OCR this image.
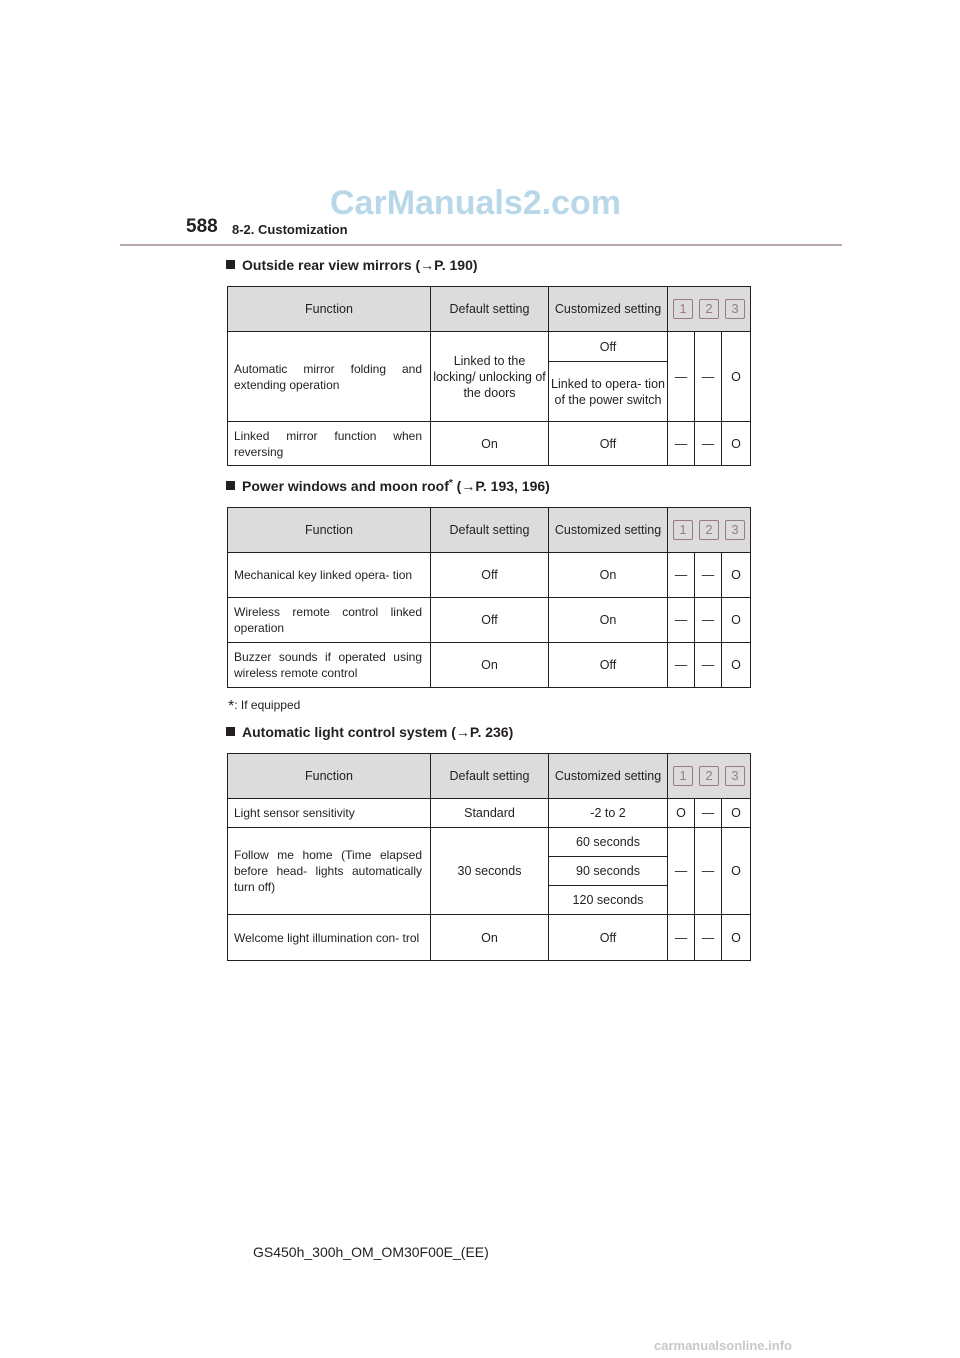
CarManuals2.com
588 8-2. Customization
Outside rear view mirrors (→P. 190)
Function	Default setting	Customized setting	1 2 3		
Automatic mirror folding and extending operation	Linked to the locking/ unlocking of the doors	Off	—	—	O
		Linked to opera- tion of the power switch			
Linked mirror function when reversing	On	Off	—	—	O
Power windows and moon roof* (→P. 193, 196)
Function	Default setting	Customized setting	1 2 3		
Mechanical key linked opera- tion	Off	On	—	—	O
Wireless remote control linked operation	Off	On	—	—	O
Buzzer sounds if operated using wireless remote control	On	Off	—	—	O
*: If equipped
Automatic light control system (→P. 236)
Function	Default setting	Customized setting	1 2 3		
Light sensor sensitivity	Standard	-2 to 2	O	—	O
Follow me home (Time elapsed before head- lights automatically turn off)	30 seconds	60 seconds	—	—	O
		90 seconds			
		120 seconds			
Welcome light illumination con- trol	On	Off	—	—	O
GS450h_300h_OM_OM30F00E_(EE)
carmanualsonline.info
